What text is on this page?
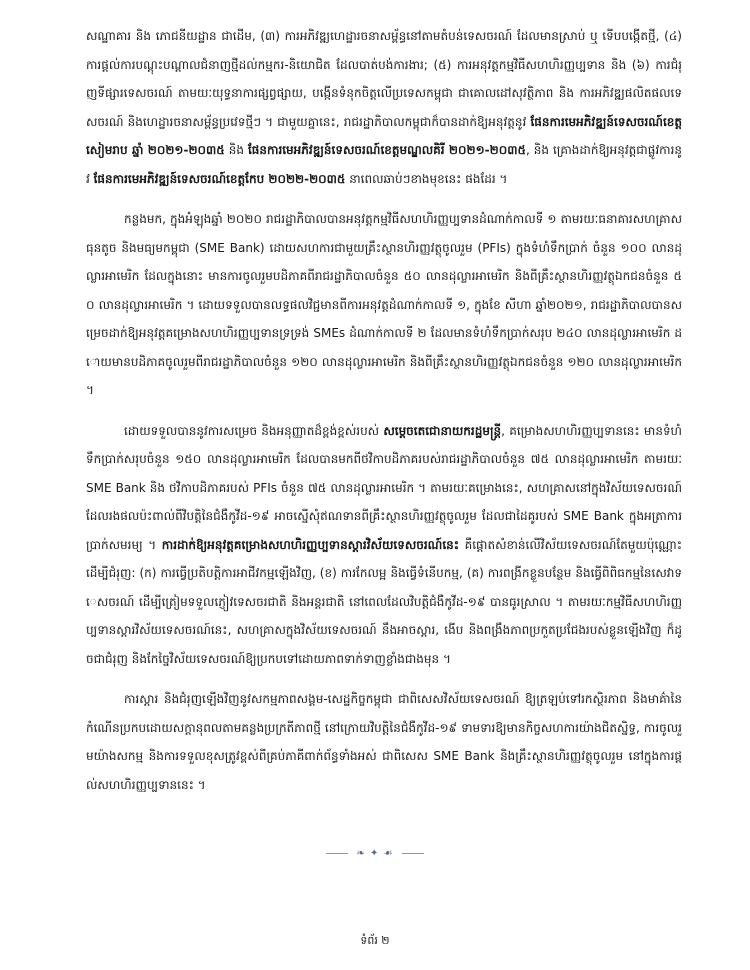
សណ្ឋាគារ និង ភោជនីយដ្ឋាន ជាដើម, (៣) ការអភិវឌ្ឍហេដ្ឋារចនាសម្ព័ន្ធនៅតាមតំបន់ទេសចរណ៍ ដែលមានស្រាប់ ឬ ទើបបង្កើតថ្មី, (៤) ការផ្តល់ការបណ្តុះបណ្តាលជំនាញថ្មីដល់កម្មករ-និយោជិត ដែលបាត់បង់ការងារ; (៥) ការអនុវត្តកម្មវិធីសហហិរញ្ញប្បទាន និង (៦) ការជំរុញទីផ្សារទេសចរណ៍ តាមយៈយុទ្ធនាការផ្សព្វផ្សាយ, បង្កើនទំនុកចិត្តលើប្រទេសកម្ពុជា ជាគោលដៅសុវត្ថិភាព និង ការអភិវឌ្ឍផលិតផលទេសចរណ៍ និងហេដ្ឋារចនាសម្ព័ន្ធប្រវេទថ្មីៗ ។ ជាមួយគ្នានេះ, រាជរដ្ឋាភិបាលកម្ពុជាក៏បានដាក់ឱ្យអនុវត្តនូវ ផែនការមេអភិវឌ្ឍន៍ទេសចរណ៍ខេត្តសៀមរាប ឆ្នាំ ២០២១-២០៣៥ និង ផែនការមេអភិវឌ្ឍន៍ទេសចរណ៍ខេត្តមណ្ឌលគិរី ២០២១-២០៣៥, និង គ្រោងដាក់ឱ្យអនុវត្តជាផ្លូវការនូវ ផែនការមេអភិវឌ្ឍន៍ទេសចរណ៍ខេត្តកែប ២០២២-២០៣៥ នាពេលឆាប់ៗខាងមុខនេះ ផងដែរ ។

កន្លងមក, ក្នុងអំឡុងឆ្នាំ ២០២០ រាជរដ្ឋាភិបាលបានអនុវត្តកម្មវិធីសហហិរញ្ញប្បទានដំណាក់កាលទី ១ តាមរយៈធនាគារសហគ្រាសធុនតូច និងមធ្យមកម្ពុជា (SME Bank) ដោយសហការជាមួយគ្រឹះស្ថានហិរញ្ញវត្ថុចូលរួម (PFIs) ក្នុងទំហំទឹកប្រាក់ ចំនួន ១០០ លានដុល្លារអាមេរិក ដែលក្នុងនោះ មានការចូលរួមបដិភាគពីរាជរដ្ឋាភិបាលចំនួន ៥០ លានដុល្លារអាមេរិក និងពីគ្រឹះស្ថានហិរញ្ញវត្ថុឯកជនចំនួន ៥០ លានដុល្លារអាមេរិក ។ ដោយទទួលបានលទ្ធផលវិជ្ជមានពីការអនុវត្តដំណាក់កាលទី ១, ក្នុងខែ សីហា ឆ្នាំ២០២១, រាជរដ្ឋាភិបាលបានសម្រេចដាក់ឱ្យអនុវត្តគម្រោងសហហិរញ្ញប្បទានទ្រទ្រង់ SMEs ដំណាក់កាលទី ២ ដែលមានទំហំទឹកប្រាក់សរុប ២៤០ លានដុល្លារអាមេរិក ដោយមានបដិភាគចូលរួមពីរាជរដ្ឋាភិបាលចំនួន ១២០ លានដុល្លារអាមេរិក និងពីគ្រឹះស្ថានហិរញ្ញវត្ថុឯកជនចំនួន ១២០ លានដុល្លារអាមេរិក ។

ដោយទទួលបាននូវការសម្រេច និងអនុញ្ញាតដ៏ខ្ពង់ខ្ពស់របស់ សម្តេចតេជោនាយករដ្ឋមន្ត្រី, គម្រោងសហហិរញ្ញប្បទាននេះ មានទំហំទឹកប្រាក់សរុបចំនួន ១៥០ លានដុល្លារអាមេរិក ដែលបានមកពីថវិកាបដិភាគរបស់រាជរដ្ឋាភិបាលចំនួន ៧៥ លានដុល្លារអាមេរិក តាមរយៈ SME Bank និង ថវិកាបដិភាគរបស់ PFIs ចំនួន ៧៥ លានដុល្លារអាមេរិក ។ តាមរយៈគម្រោងនេះ, សហគ្រាសនៅក្នុងវិស័យទេសចរណ៍ដែលរងផលប៉ះពាល់ពីវិបត្តិនៃជំងឺកូវីដ-១៩ អាចស្នើសុំឥណទានពីគ្រឹះស្ថានហិរញ្ញវត្ថុចូលរួម ដែលជាដៃគូរបស់ SME Bank ក្នុងអត្រាការប្រាក់សមរម្យ ។ ការដាក់ឱ្យអនុវត្តគម្រោងសហហិរញ្ញប្បទានស្តារវិស័យទេសចរណ៍នេះ គឺផ្តោតសំខាន់លើវិស័យទេសចរណ៍តែមួយប៉ុណ្ណោះ ដើម្បីជំរុញ: (ក) ការធ្វើប្រតិបត្តិការអាជីវកម្មឡើងវិញ, (ខ) ការកែលម្អ និងធ្វើទំនើបកម្ម, (គ) ការពង្រីកខ្លួនបន្ថែម និងធ្វើពិពិធកម្មនៃសេវាទេសចរណ៍ ដើម្បីត្រៀមទទួលភ្ញៀវទេសចរជាតិ និងអន្តរជាតិ នៅពេលដែលវិបត្តិជំងឺកូវីដ-១៩ បានធូរស្រាល ។ តាមរយៈកម្មវិធីសហហិរញ្ញប្បទានស្តារវិស័យទេសចរណ៍នេះ, សហគ្រាសក្នុងវិស័យទេសចរណ៍ នឹងអាចស្តារ, ងើប និងពង្រឹងភាពប្រកួតប្រជែងរបស់ខ្លួនឡើងវិញ ក៏ដូចជាជំរុញ និងកែច្នៃវិស័យទេសចរណ៍ឱ្យប្រកបទៅដោយភាពទាក់ទាញខ្លាំងជាងមុន ។

ការស្តារ និងជំរុញឡើងវិញនូវសកម្មភាពសង្គម-សេដ្ឋកិច្ចកម្ពុជា ជាពិសេសវិស័យទេសចរណ៍ ឱ្យត្រឡប់ទៅរកស្ថិរភាព និងមាគ៌ានៃកំណើនប្រកបដោយសក្តានុពលតាមគន្លងប្រក្រតីភាពថ្មី នៅក្រោយវិបត្តិនៃជំងឺកូវីដ-១៩ ទាមទារឱ្យមានកិច្ចសហការយ៉ាងជិតស្និទ្ធ, ការចូលរួមយ៉ាងសកម្ម និងការទទួលខុសត្រូវខ្ពស់ពីគ្រប់ភាគីពាក់ព័ន្ធទាំងអស់ ជាពិសេស SME Bank និងគ្រឹះស្ថានហិរញ្ញវត្ថុចូលរួម នៅក្នុងការផ្តល់សហហិរញ្ញប្បទាននេះ ។

❧ ✦ ☙
ទំព័រ ២
